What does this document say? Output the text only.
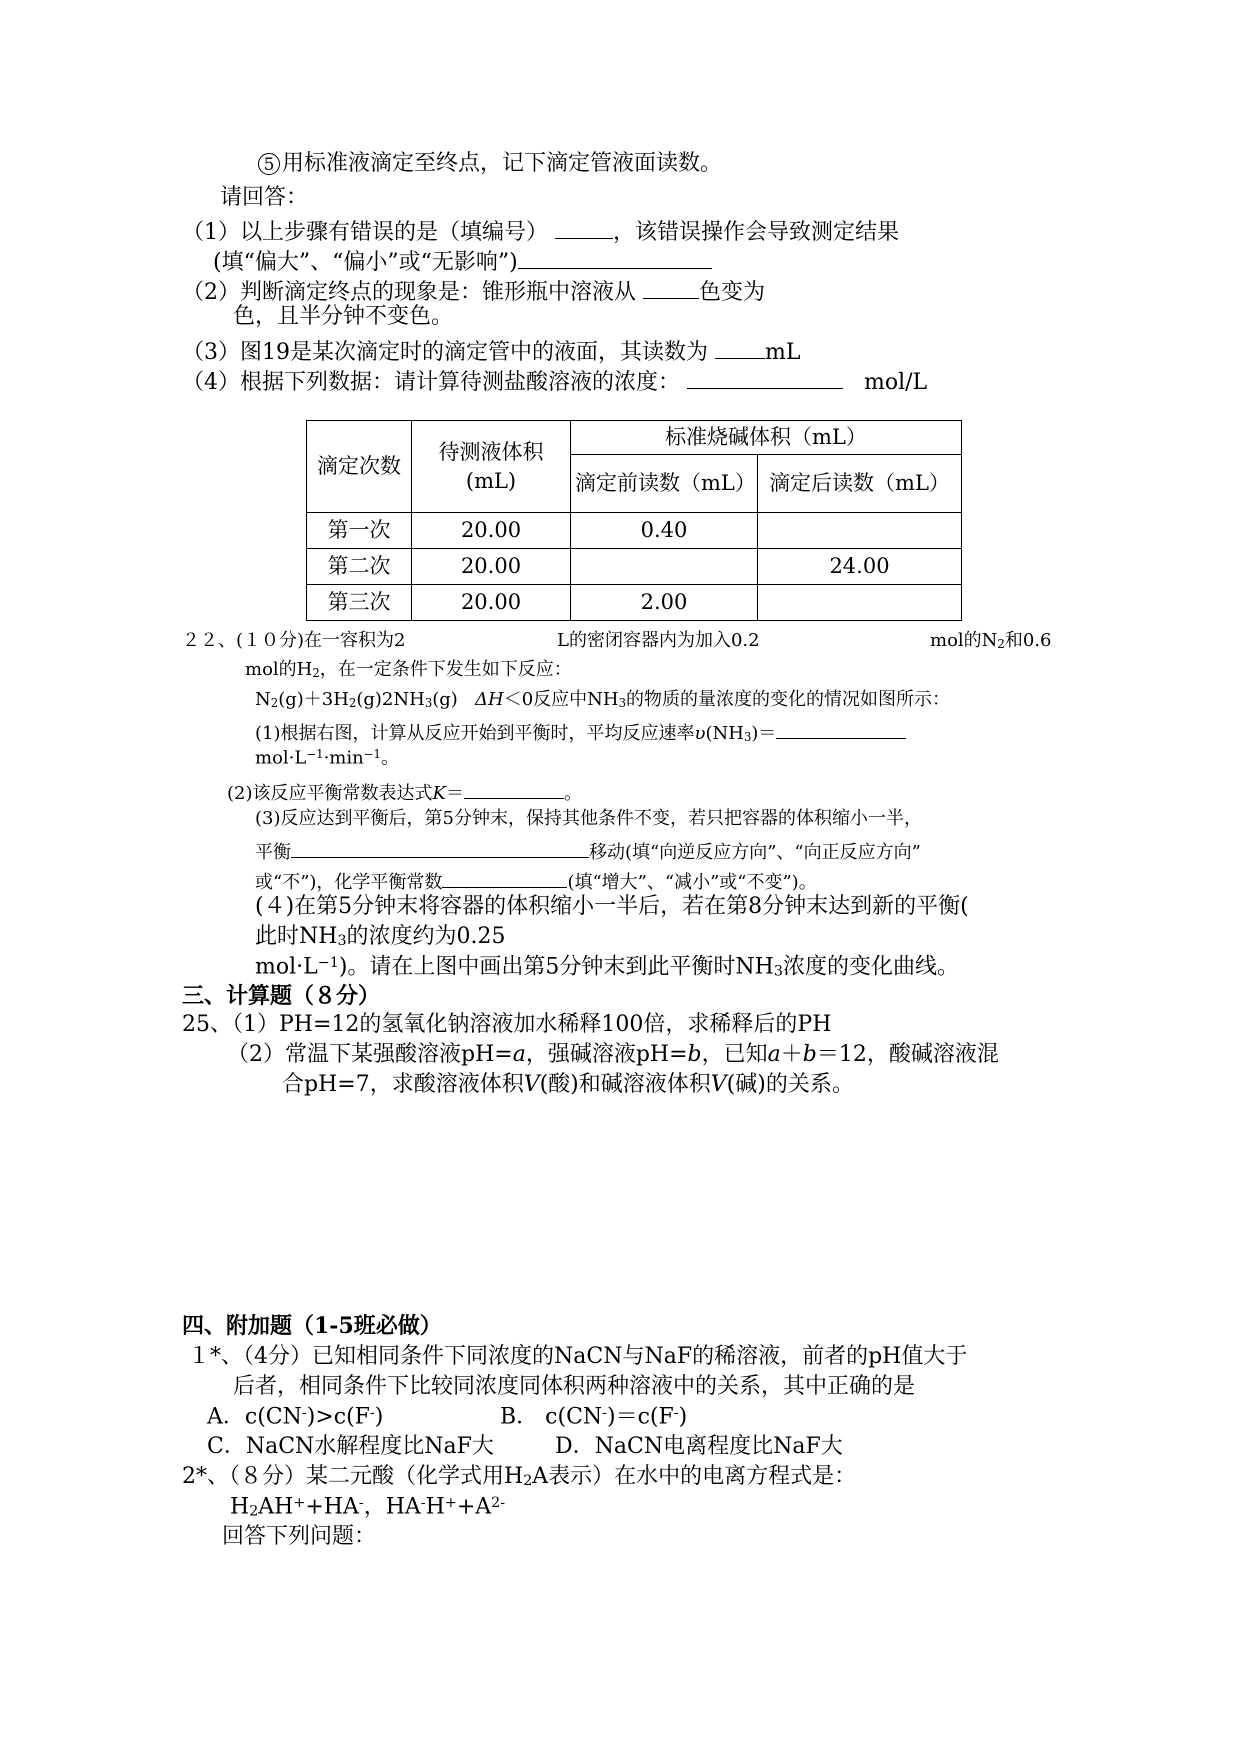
5 用标准液滴定至终点，记下滴定管液面读数。
请回答：
（1）以上步骤有错误的是（填编号）	，该错误操作会导致测定结果
(填“偏大”、“偏小”或“无影响”)
（2）判断滴定终点的现象是：锥形瓶中溶液从	色变为
色，且半分钟不变色。
（3）图19是某次滴定时的滴定管中的液面，其读数为	mL
（4）根据下列数据：请计算待测盐酸溶液的浓度：	mol/L
滴定次数	待测液体积(mL)	标准烧碱体积（mL）	
		滴定前读数（mL）	滴定后读数（mL）
第一次	20.00	0.40	
第二次	20.00		24.00
第三次	20.00	2.00	
２２、(１０分)在一容积为2	L的密闭容器内为加入0.2	mol的$N_2$和0.6
mol的$H_2$，在一定条件下发生如下反应：
$N_2(g)+3H_2(g)2NH_3(g)$ ΔH＜0反应中$NH_3$的物质的量浓度的变化的情况如图所示：
(1)根据右图，计算从反应开始到平衡时，平均反应速率$\upsilon(NH_3)=$
$mol\cdot L^{-1}\cdot\min^{-1}$。
(2)该反应平衡常数表达式K＝	。
(3)反应达到平衡后，第5分钟末，保持其他条件不变，若只把容器的体积缩小一半，
平衡	移动(填“向逆反应方向”、“向正反应方向”
或“不”)，化学平衡常数	(填“增大”、“减小”或“不变”)。
(４)在第5分钟末将容器的体积缩小一半后，若在第8分钟末达到新的平衡(
此时$NH_3$的浓度约为0.25
$mol\cdot L^{-1}$)。请在上图中画出第5分钟末到此平衡时$NH_3$浓度的变化曲线。
三、计算题（８分）
25、（1）PH=12的氢氧化钠溶液加水稀释100倍，求稀释后的PH
（2）常温下某强酸溶液pH=a，强碱溶液pH=b，已知a＋b＝12，酸碱溶液混
合pH=7，求酸溶液体积V(酸)和碱溶液体积V(碱)的关系。
四、附加题（1-5班必做）
１*、（4分）已知相同条件下同浓度的NaCN与NaF的稀溶液，前者的pH值大于
后者，相同条件下比较同浓度同体积两种溶液中的关系，其中正确的是
A．c(CN-)>c(F-)	B． c(CN-)＝c(F-)
C．NaCN水解程度比NaF大	D．NaCN电离程度比NaF大
2*、（８分）某二元酸（化学式用$H_2A$表示）在水中的电离方程式是：
$H_2AH^++HA^-$，$HA^-H^++A^{2-}$
回答下列问题：
